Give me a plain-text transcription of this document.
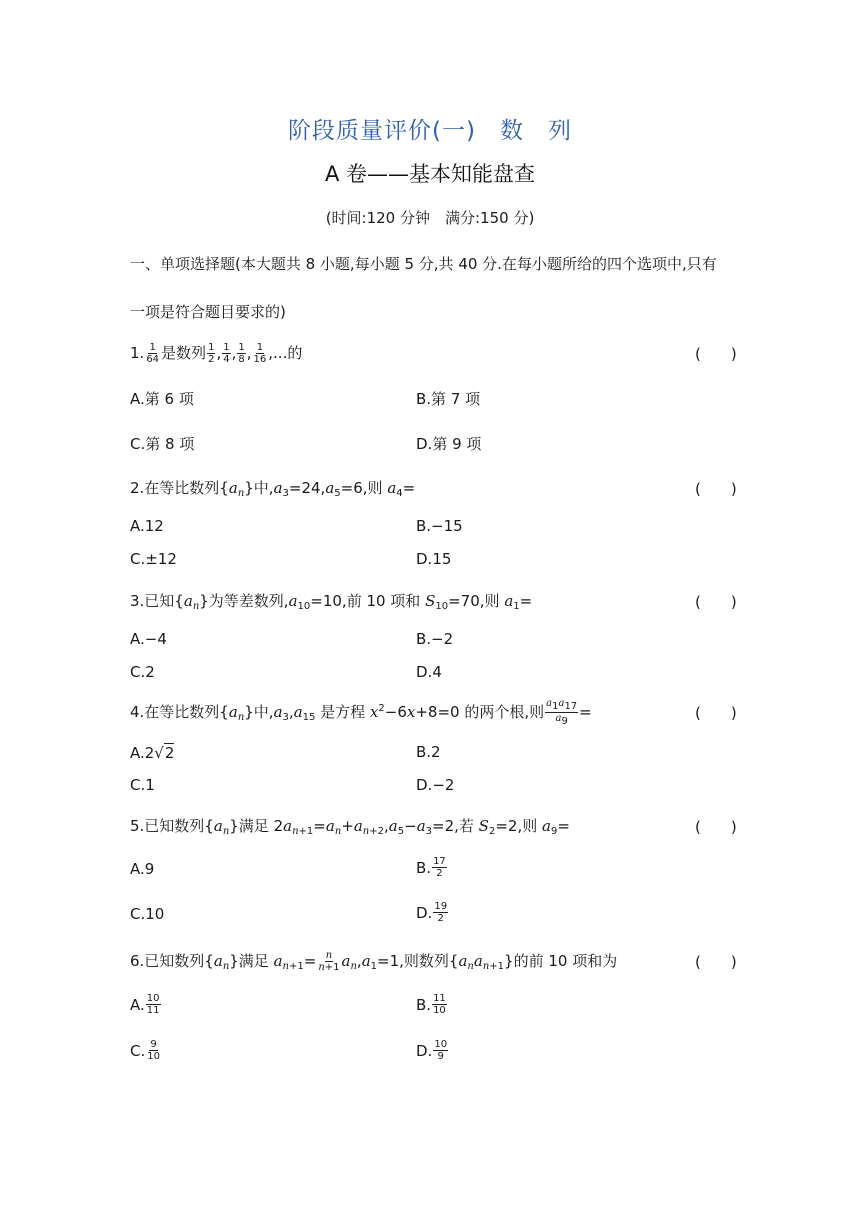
阶段质量评价(一)　数　列
A 卷——基本知能盘查
(时间:120 分钟　满分:150 分)
一、单项选择题(本大题共 8 小题,每小题 5 分,共 40 分.在每小题所给的四个选项中,只有
一项是符合题目要求的)
1. $\frac{1}{64}$ 是数列 $\frac{1}{2}$ , $\frac{1}{4}$ , $\frac{1}{8}$ , $\frac{1}{16}$ ,...的	(　　)
A.第 6 项	B.第 7 项
C.第 8 项	D.第 9 项
2.在等比数列$\{a_n\}$中$,a_3=24,a_5=6$,则 $a_4=$	(　　)
A.12	B.−15
C.±12	D.15
3.已知$\{a_n\}$为等差数列$,a_{10}=10$,前 10 项和 $S_{10}=70$,则 $a_1=$	(　　)
A.−4	B.−2
C.2	D.4
4.在等比数列$\{a_n\}$中$,a_3,a_{15}$ 是方程 $x^2-6x+8=0$ 的两个根,则 $\frac{a_1a_{17}}{a_9}$ =	(　　)
A.2√ 2	B.2
C.1	D.−2
5.已知数列$\{a_n\}$满足 $2a_{n+1}=a_n+a_{n+2},a_5-a_3=2$,若 $S_2=2$,则 $a_9=$	(　　)
A.9	B. $\frac{17}{2}$
C.10	D. $\frac{19}{2}$
6.已知数列$\{a_n\}$满足 $a_{n+1}= \frac{n}{n+1} a_n,a_1=1$,则数列$\{a_na_{n+1}\}$的前 10 项和为	(　　)
A. $\frac{10}{11}$	B. $\frac{11}{10}$
C. $\frac{9}{10}$	D. $\frac{10}{9}$
